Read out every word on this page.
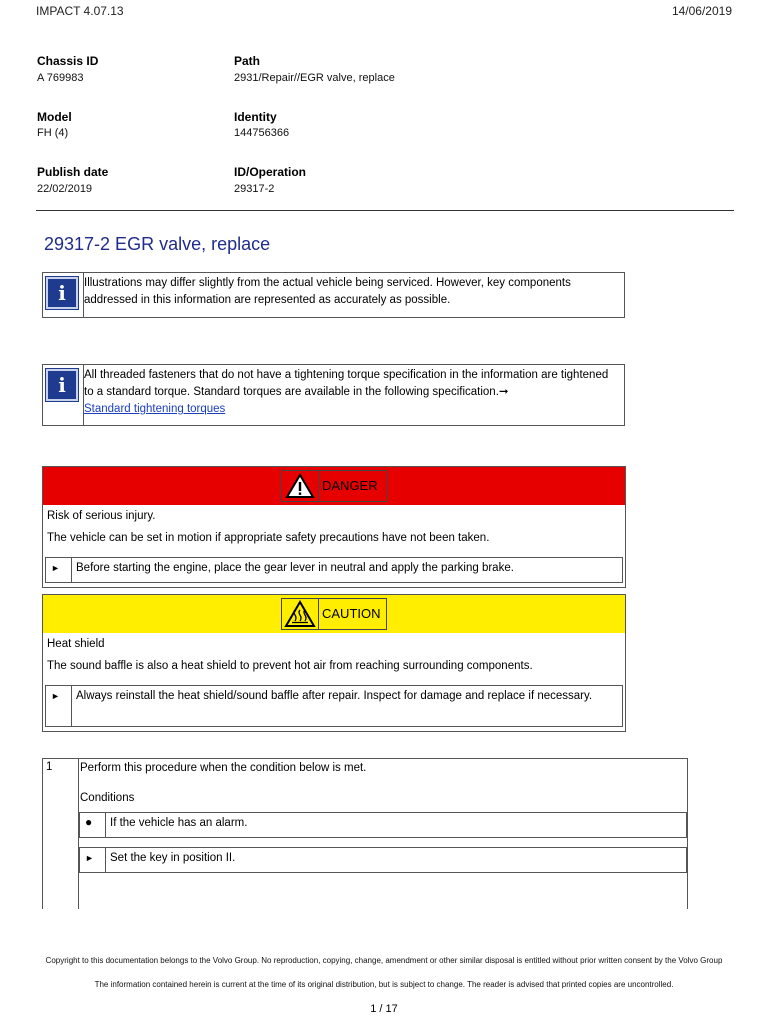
IMPACT 4.07.13	14/06/2019
Chassis ID
A 769983
Path
2931/Repair//EGR valve, replace
Model
FH (4)
Identity
144756366
Publish date
22/02/2019
ID/Operation
29317-2
29317-2 EGR valve, replace
i	Illustrations may differ slightly from the actual vehicle being serviced. However, key components addressed in this information are represented as accurately as possible.
i	All threaded fasteners that do not have a tightening torque specification in the information are tightened to a standard torque. Standard torques are available in the following specification.➞
Standard tightening torques
DANGER
Risk of serious injury.
The vehicle can be set in motion if appropriate safety precautions have not been taken.
►	Before starting the engine, place the gear lever in neutral and apply the parking brake.
CAUTION
Heat shield
The sound baffle is also a heat shield to prevent hot air from reaching surrounding components.
►	Always reinstall the heat shield/sound baffle after repair. Inspect for damage and replace if necessary.
1	Perform this procedure when the condition below is met.
Conditions
●	If the vehicle has an alarm.
►	Set the key in position II.
Copyright to this documentation belongs to the Volvo Group. No reproduction, copying, change, amendment or other similar disposal is entitled without prior written consent by the Volvo Group
The information contained herein is current at the time of its original distribution, but is subject to change. The reader is advised that printed copies are uncontrolled.
1 / 17
